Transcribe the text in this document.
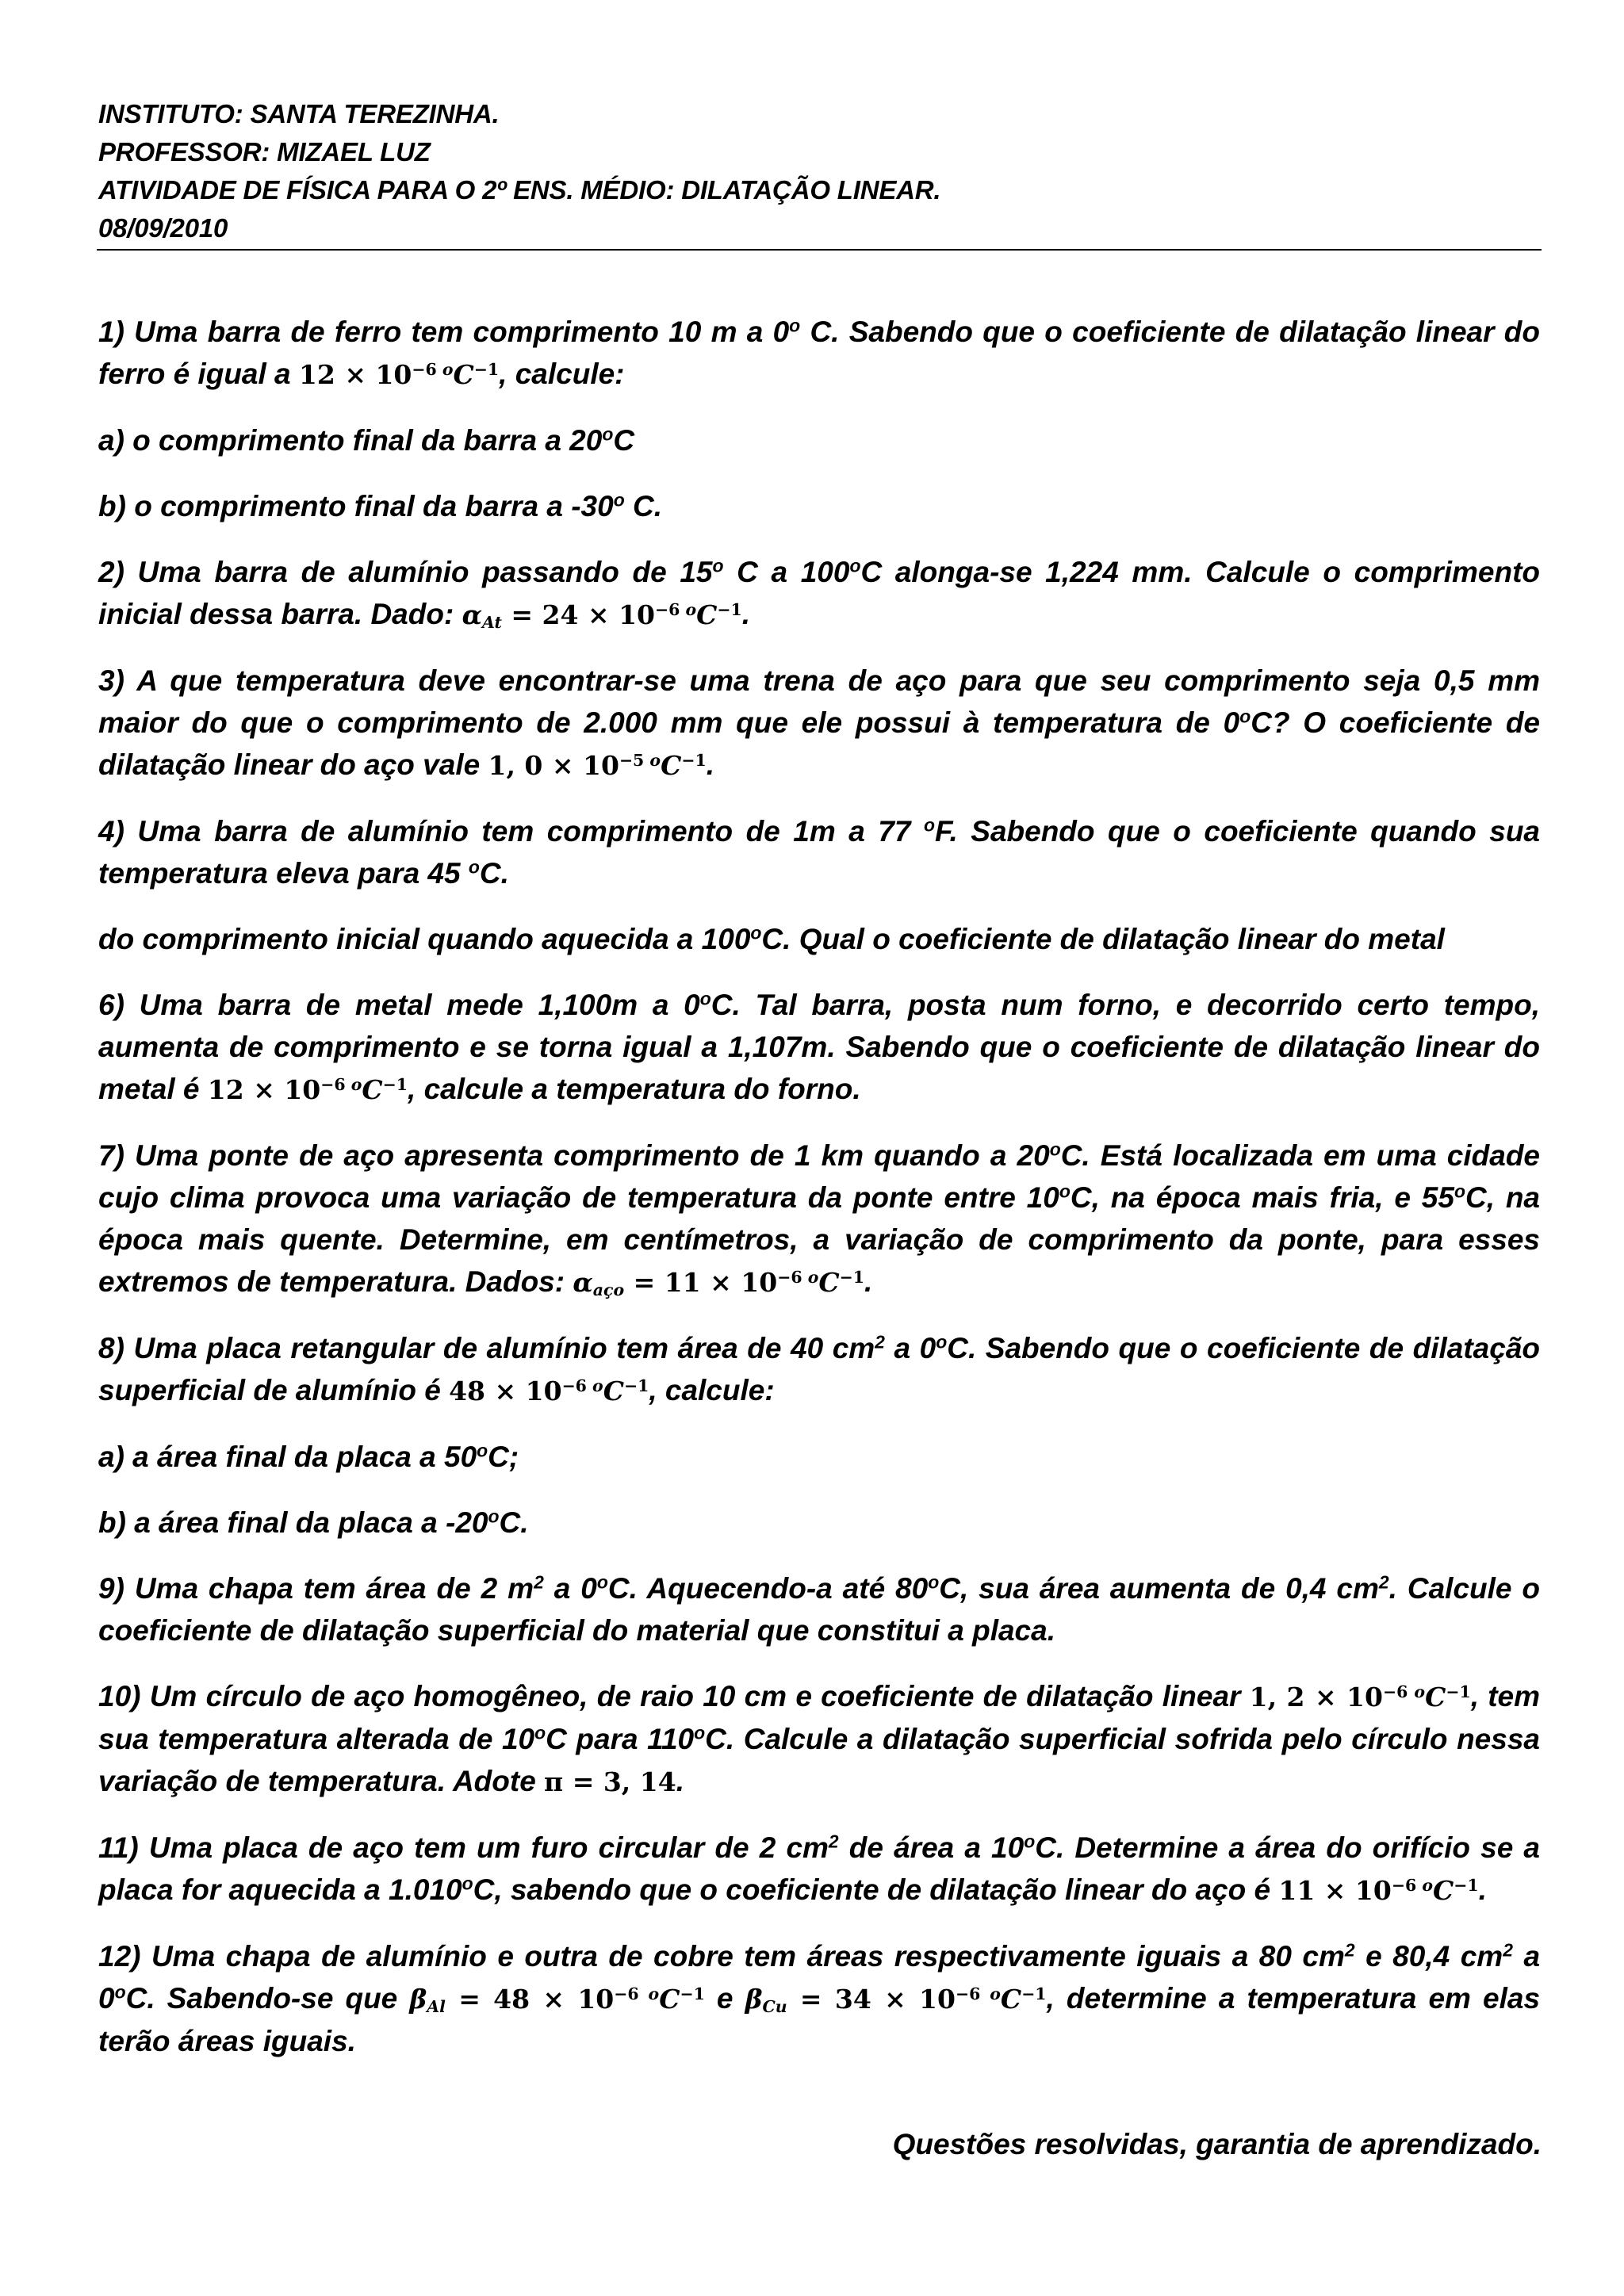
INSTITUTO: SANTA TEREZINHA.
PROFESSOR: MIZAEL LUZ
ATIVIDADE DE FÍSICA PARA O 2º ENS. MÉDIO: DILATAÇÃO LINEAR.
08/09/2010

1) Uma barra de ferro tem comprimento 10 m a 0$^o$ C. Sabendo que o coeficiente de dilatação linear do ferro é igual a $12 \times 10^{-6 o}C^{-1}$, calcule:

a) o comprimento final da barra a 20$^o$C

b) o comprimento final da barra a -30$^o$ C.

2) Uma barra de alumínio passando de 15$^o$ C a 100$^o$C alonga-se 1,224 mm. Calcule o comprimento inicial dessa barra. Dado: $\alpha_{At} = 24 \times 10^{-6 o}C^{-1}$.

3) A que temperatura deve encontrar-se uma trena de aço para que seu comprimento seja 0,5 mm maior do que o comprimento de 2.000 mm que ele possui à temperatura de 0$^o$C? O coeficiente de dilatação linear do aço vale 1, $0 \times 10^{-5 o}C^{-1}$.

4) Uma barra de alumínio tem comprimento de 1m a 77 $^o$F. Sabendo que o coeficiente quando sua temperatura eleva para 45 $^o$C.

do comprimento inicial quando aquecida a 100$^o$C. Qual o coeficiente de dilatação linear do metal

6) Uma barra de metal mede 1,100m a 0$^o$C. Tal barra, posta num forno, e decorrido certo tempo, aumenta de comprimento e se torna igual a 1,107m. Sabendo que o coeficiente de dilatação linear do metal é $12 \times 10^{-6 o}C^{-1}$, calcule a temperatura do forno.

7) Uma ponte de aço apresenta comprimento de 1 km quando a 20$^o$C. Está localizada em uma cidade cujo clima provoca uma variação de temperatura da ponte entre 10$^o$C, na época mais fria, e 55$^o$C, na época mais quente. Determine, em centímetros, a variação de comprimento da ponte, para esses extremos de temperatura. Dados: $\alpha_{aço} = 11 \times 10^{-6 o}C^{-1}$.

8) Uma placa retangular de alumínio tem área de 40 $cm^2$ a 0$^o$C. Sabendo que o coeficiente de dilatação superficial de alumínio é $48 \times 10^{-6 o}C^{-1}$, calcule:

a) a área final da placa a 50$^o$C;

b) a área final da placa a -20$^o$C.

9) Uma chapa tem área de 2 $m^2$ a 0$^o$C. Aquecendo-a até 80$^o$C, sua área aumenta de 0,4 $cm^2$. Calcule o coeficiente de dilatação superficial do material que constitui a placa.

10) Um círculo de aço homogêneo, de raio 10 cm e coeficiente de dilatação linear 1, $2 \times 10^{-6 o}C^{-1}$, tem sua temperatura alterada de 10$^o$C para 110$^o$C. Calcule a dilatação superficial sofrida pelo círculo nessa variação de temperatura. Adote π = 3, 14.

11) Uma placa de aço tem um furo circular de 2 $cm^2$ de área a 10$^o$C. Determine a área do orifício se a placa for aquecida a 1.010$^o$C, sabendo que o coeficiente de dilatação linear do aço é $11 \times 10^{-6 o}C^{-1}$.

12) Uma chapa de alumínio e outra de cobre tem áreas respectivamente iguais a 80 $cm^2$ e 80,4 $cm^2$ a 0$^o$C. Sabendo-se que $\beta_{Al} = 48 \times 10^{-6 o}C^{-1}$ e $\beta_{Cu} = 34 \times 10^{-6 o}C^{-1}$, determine a temperatura em elas terão áreas iguais.

Questões resolvidas, garantia de aprendizado.
